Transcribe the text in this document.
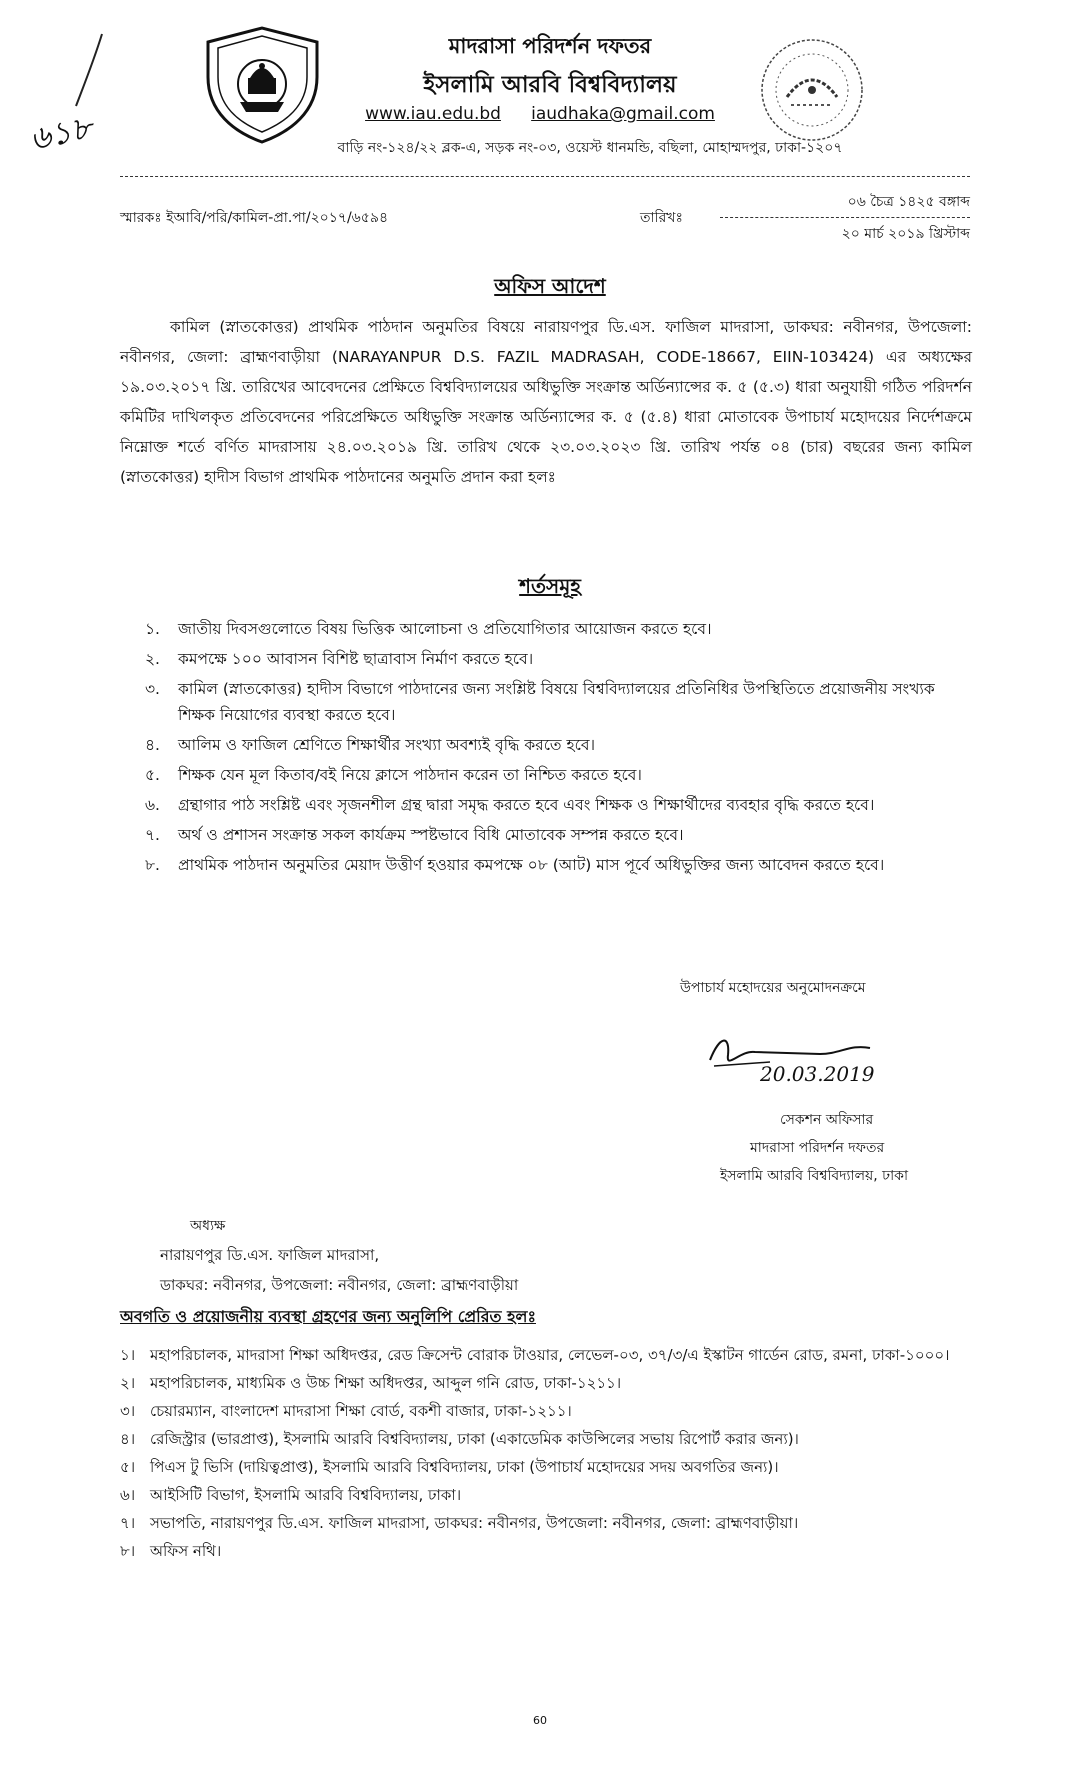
৬১৮
মাদরাসা পরিদর্শন দফতর
ইসলামি আরবি বিশ্ববিদ্যালয়
www.iau.edu.bd iaudhaka@gmail.com
বাড়ি নং-১২৪/২২ ব্লক-এ, সড়ক নং-০৩, ওয়েস্ট ধানমন্ডি, বছিলা, মোহাম্মদপুর, ঢাকা-১২০৭
স্মারকঃ ইআবি/পরি/কামিল-প্রা.পা/২০১৭/৬৫৯৪	তারিখঃ
০৬ চৈত্র ১৪২৫ বঙ্গাব্দ
২০ মার্চ ২০১৯ খ্রিস্টাব্দ
অফিস আদেশ
কামিল (স্নাতকোত্তর) প্রাথমিক পাঠদান অনুমতির বিষয়ে নারায়ণপুর ডি.এস. ফাজিল মাদরাসা, ডাকঘর: নবীনগর, উপজেলা: নবীনগর, জেলা: ব্রাহ্মণবাড়ীয়া (NARAYANPUR D.S. FAZIL MADRASAH, CODE-18667, EIIN-103424) এর অধ্যক্ষের ১৯.০৩.২০১৭ খ্রি. তারিখের আবেদনের প্রেক্ষিতে বিশ্ববিদ্যালয়ের অধিভুক্তি সংক্রান্ত অর্ডিন্যান্সের ক. ৫ (৫.৩) ধারা অনুযায়ী গঠিত পরিদর্শন কমিটির দাখিলকৃত প্রতিবেদনের পরিপ্রেক্ষিতে অধিভুক্তি সংক্রান্ত অর্ডিন্যান্সের ক. ৫ (৫.৪) ধারা মোতাবেক উপাচার্য মহোদয়ের নির্দেশক্রমে নিম্নোক্ত শর্তে বর্ণিত মাদরাসায় ২৪.০৩.২০১৯ খ্রি. তারিখ থেকে ২৩.০৩.২০২৩ খ্রি. তারিখ পর্যন্ত ০৪ (চার) বছরের জন্য কামিল (স্নাতকোত্তর) হাদীস বিভাগ প্রাথমিক পাঠদানের অনুমতি প্রদান করা হলঃ
শর্তসমূহ
১. জাতীয় দিবসগুলোতে বিষয় ভিত্তিক আলোচনা ও প্রতিযোগিতার আয়োজন করতে হবে।
২. কমপক্ষে ১০০ আবাসন বিশিষ্ট ছাত্রাবাস নির্মাণ করতে হবে।
৩. কামিল (স্নাতকোত্তর) হাদীস বিভাগে পাঠদানের জন্য সংশ্লিষ্ট বিষয়ে বিশ্ববিদ্যালয়ের প্রতিনিধির উপস্থিতিতে প্রয়োজনীয় সংখ্যক শিক্ষক নিয়োগের ব্যবস্থা করতে হবে।
৪. আলিম ও ফাজিল শ্রেণিতে শিক্ষার্থীর সংখ্যা অবশ্যই বৃদ্ধি করতে হবে।
৫. শিক্ষক যেন মূল কিতাব/বই নিয়ে ক্লাসে পাঠদান করেন তা নিশ্চিত করতে হবে।
৬. গ্রন্থাগার পাঠ সংশ্লিষ্ট এবং সৃজনশীল গ্রন্থ দ্বারা সমৃদ্ধ করতে হবে এবং শিক্ষক ও শিক্ষার্থীদের ব্যবহার বৃদ্ধি করতে হবে।
৭. অর্থ ও প্রশাসন সংক্রান্ত সকল কার্যক্রম স্পষ্টভাবে বিধি মোতাবেক সম্পন্ন করতে হবে।
৮. প্রাথমিক পাঠদান অনুমতির মেয়াদ উত্তীর্ণ হওয়ার কমপক্ষে ০৮ (আট) মাস পূর্বে অধিভুক্তির জন্য আবেদন করতে হবে।
উপাচার্য মহোদয়ের অনুমোদনক্রমে
20.03.2019
সেকশন অফিসার
মাদরাসা পরিদর্শন দফতর
ইসলামি আরবি বিশ্ববিদ্যালয়, ঢাকা
অধ্যক্ষ
নারায়ণপুর ডি.এস. ফাজিল মাদরাসা,
ডাকঘর: নবীনগর, উপজেলা: নবীনগর, জেলা: ব্রাহ্মণবাড়ীয়া
অবগতি ও প্রয়োজনীয় ব্যবস্থা গ্রহণের জন্য অনুলিপি প্রেরিত হলঃ
১। মহাপরিচালক, মাদরাসা শিক্ষা অধিদপ্তর, রেড ক্রিসেন্ট বোরাক টাওয়ার, লেভেল-০৩, ৩৭/৩/এ ইস্কাটন গার্ডেন রোড, রমনা, ঢাকা-১০০০।
২। মহাপরিচালক, মাধ্যমিক ও উচ্চ শিক্ষা অধিদপ্তর, আব্দুল গনি রোড, ঢাকা-১২১১।
৩। চেয়ারম্যান, বাংলাদেশ মাদরাসা শিক্ষা বোর্ড, বকশী বাজার, ঢাকা-১২১১।
৪। রেজিস্ট্রার (ভারপ্রাপ্ত), ইসলামি আরবি বিশ্ববিদ্যালয়, ঢাকা (একাডেমিক কাউন্সিলের সভায় রিপোর্ট করার জন্য)।
৫। পিএস টু ভিসি (দায়িত্বপ্রাপ্ত), ইসলামি আরবি বিশ্ববিদ্যালয়, ঢাকা (উপাচার্য মহোদয়ের সদয় অবগতির জন্য)।
৬। আইসিটি বিভাগ, ইসলামি আরবি বিশ্ববিদ্যালয়, ঢাকা।
৭। সভাপতি, নারায়ণপুর ডি.এস. ফাজিল মাদরাসা, ডাকঘর: নবীনগর, উপজেলা: নবীনগর, জেলা: ব্রাহ্মণবাড়ীয়া।
৮। অফিস নথি।
60
